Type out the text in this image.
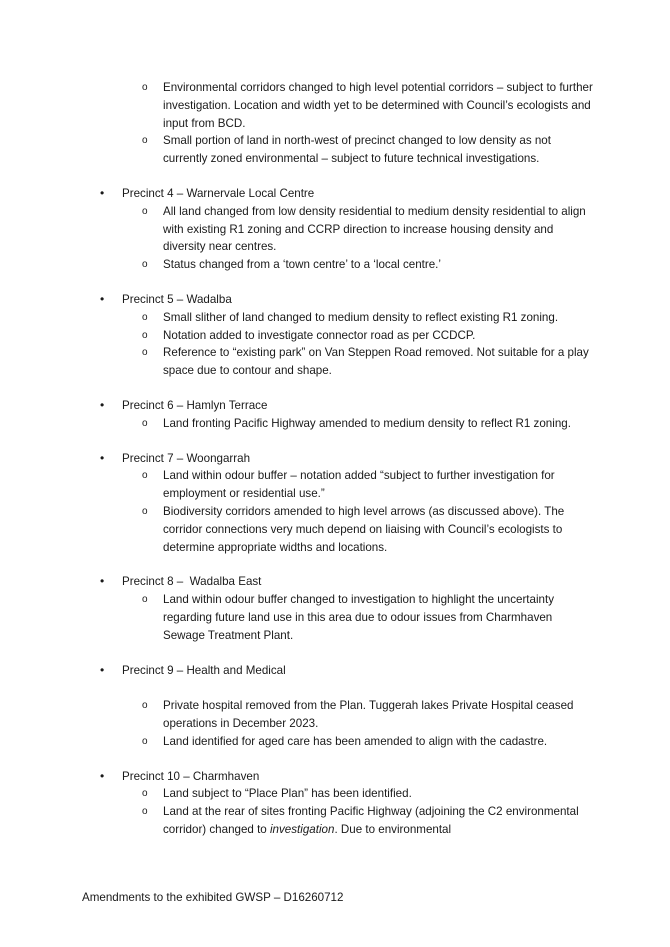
o Environmental corridors changed to high level potential corridors – subject to further investigation. Location and width yet to be determined with Council’s ecologists and input from BCD.
o Small portion of land in north-west of precinct changed to low density as not currently zoned environmental – subject to future technical investigations.
• Precinct 4 – Warnervale Local Centre
o All land changed from low density residential to medium density residential to align with existing R1 zoning and CCRP direction to increase housing density and diversity near centres.
o Status changed from a ‘town centre’ to a ‘local centre.’
• Precinct 5 – Wadalba
o Small slither of land changed to medium density to reflect existing R1 zoning.
o Notation added to investigate connector road as per CCDCP.
o Reference to “existing park” on Van Steppen Road removed. Not suitable for a play space due to contour and shape.
• Precinct 6 – Hamlyn Terrace
o Land fronting Pacific Highway amended to medium density to reflect R1 zoning.
• Precinct 7 – Woongarrah
o Land within odour buffer – notation added “subject to further investigation for employment or residential use.”
o Biodiversity corridors amended to high level arrows (as discussed above). The corridor connections very much depend on liaising with Council’s ecologists to determine appropriate widths and locations.
• Precinct 8 –  Wadalba East
o Land within odour buffer changed to investigation to highlight the uncertainty regarding future land use in this area due to odour issues from Charmhaven Sewage Treatment Plant.
• Precinct 9 – Health and Medical
o Private hospital removed from the Plan. Tuggerah lakes Private Hospital ceased operations in December 2023.
o Land identified for aged care has been amended to align with the cadastre.
• Precinct 10 – Charmhaven
o Land subject to “Place Plan” has been identified.
o Land at the rear of sites fronting Pacific Highway (adjoining the C2 environmental corridor) changed to investigation. Due to environmental
Amendments to the exhibited GWSP – D16260712
